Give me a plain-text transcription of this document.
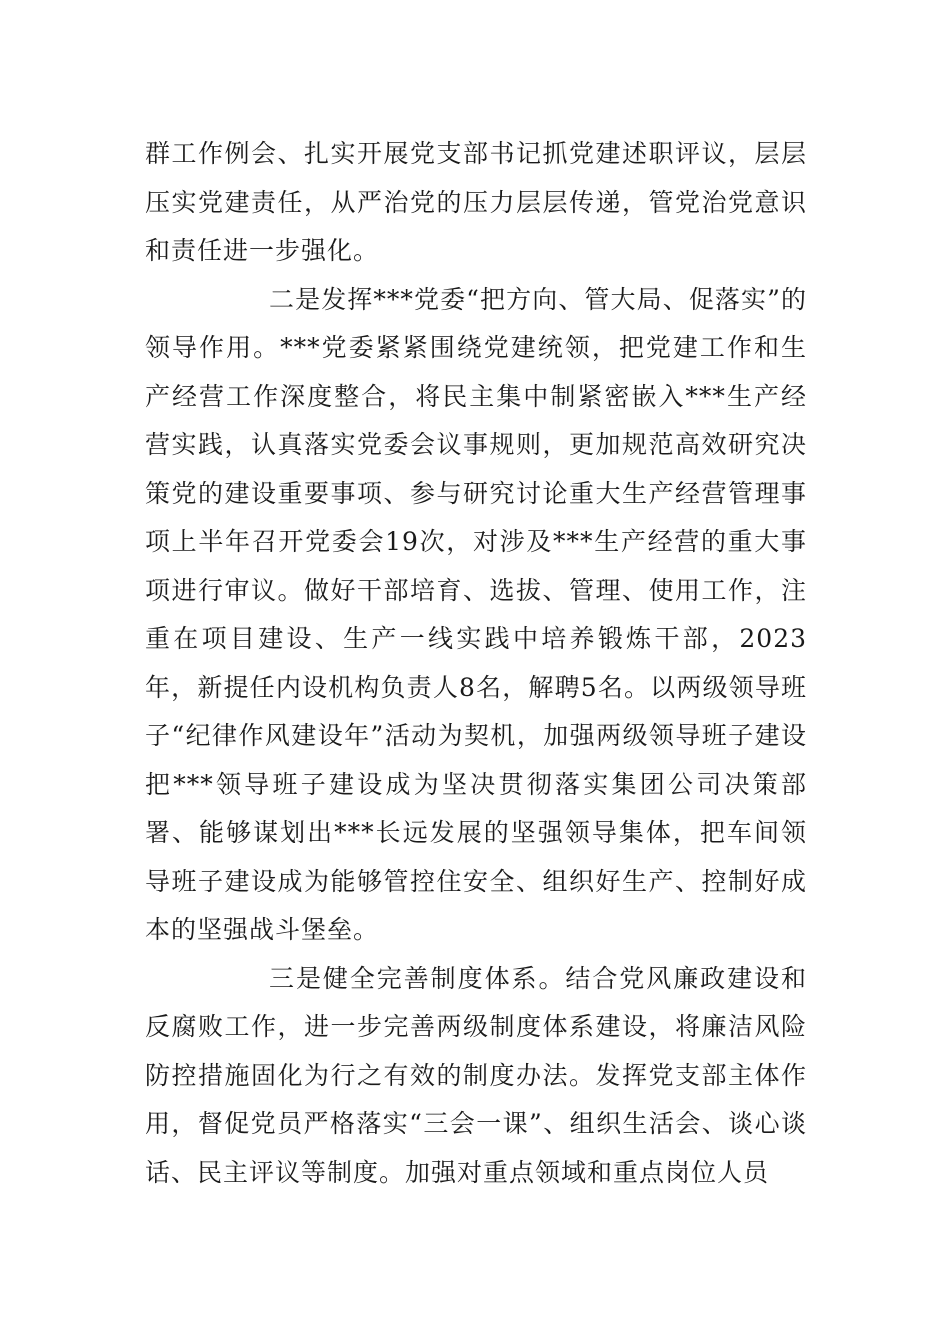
群工作例会、扎实开展党支部书记抓党建述职评议，层层压实党建责任，从严治党的压力层层传递，管党治党意识和责任进一步强化。

二是发挥***党委“把方向、管大局、促落实”的领导作用。***党委紧紧围绕党建统领，把党建工作和生产经营工作深度整合，将民主集中制紧密嵌入***生产经营实践，认真落实党委会议事规则，更加规范高效研究决策党的建设重要事项、参与研究讨论重大生产经营管理事项上半年召开党委会19次，对涉及***生产经营的重大事项进行审议。做好干部培育、选拔、管理、使用工作，注重在项目建设、生产一线实践中培养锻炼干部，2023年，新提任内设机构负责人8名，解聘5名。以两级领导班子“纪律作风建设年”活动为契机，加强两级领导班子建设把***领导班子建设成为坚决贯彻落实集团公司决策部署、能够谋划出***长远发展的坚强领导集体，把车间领导班子建设成为能够管控住安全、组织好生产、控制好成本的坚强战斗堡垒。

三是健全完善制度体系。结合党风廉政建设和反腐败工作，进一步完善两级制度体系建设，将廉洁风险防控措施固化为行之有效的制度办法。发挥党支部主体作用，督促党员严格落实“三会一课”、组织生活会、谈心谈话、民主评议等制度。加强对重点领域和重点岗位人员
